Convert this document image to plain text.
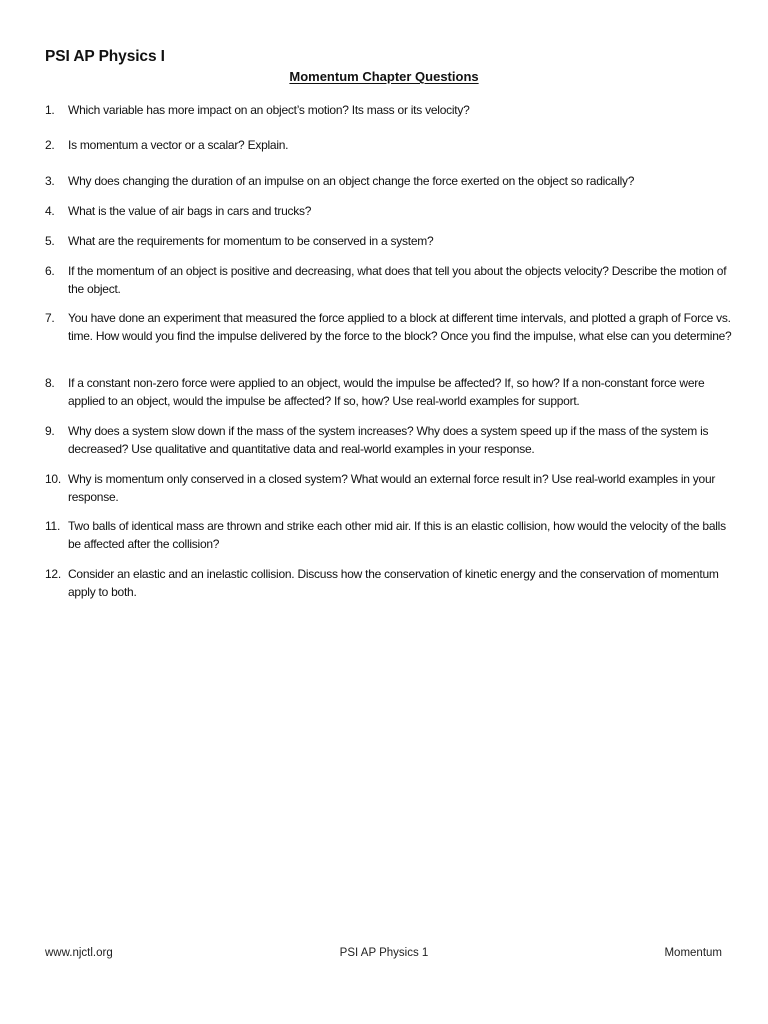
PSI AP Physics I
Momentum Chapter Questions
1. Which variable has more impact on an object’s motion? Its mass or its velocity?
2. Is momentum a vector or a scalar? Explain.
3. Why does changing the duration of an impulse on an object change the force exerted on the object so radically?
4. What is the value of air bags in cars and trucks?
5. What are the requirements for momentum to be conserved in a system?
6. If the momentum of an object is positive and decreasing, what does that tell you about the objects velocity? Describe the motion of the object.
7. You have done an experiment that measured the force applied to a block at different time intervals, and plotted a graph of Force vs. time. How would you find the impulse delivered by the force to the block? Once you find the impulse, what else can you determine?
8. If a constant non-zero force were applied to an object, would the impulse be affected? If, so how? If a non-constant force were applied to an object, would the impulse be affected? If so, how? Use real-world examples for support.
9. Why does a system slow down if the mass of the system increases? Why does a system speed up if the mass of the system is decreased? Use qualitative and quantitative data and real-world examples in your response.
10. Why is momentum only conserved in a closed system? What would an external force result in? Use real-world examples in your response.
11. Two balls of identical mass are thrown and strike each other mid air. If this is an elastic collision, how would the velocity of the balls be affected after the collision?
12. Consider an elastic and an inelastic collision. Discuss how the conservation of kinetic energy and the conservation of momentum apply to both.
www.njctl.org	PSI AP Physics 1	Momentum
